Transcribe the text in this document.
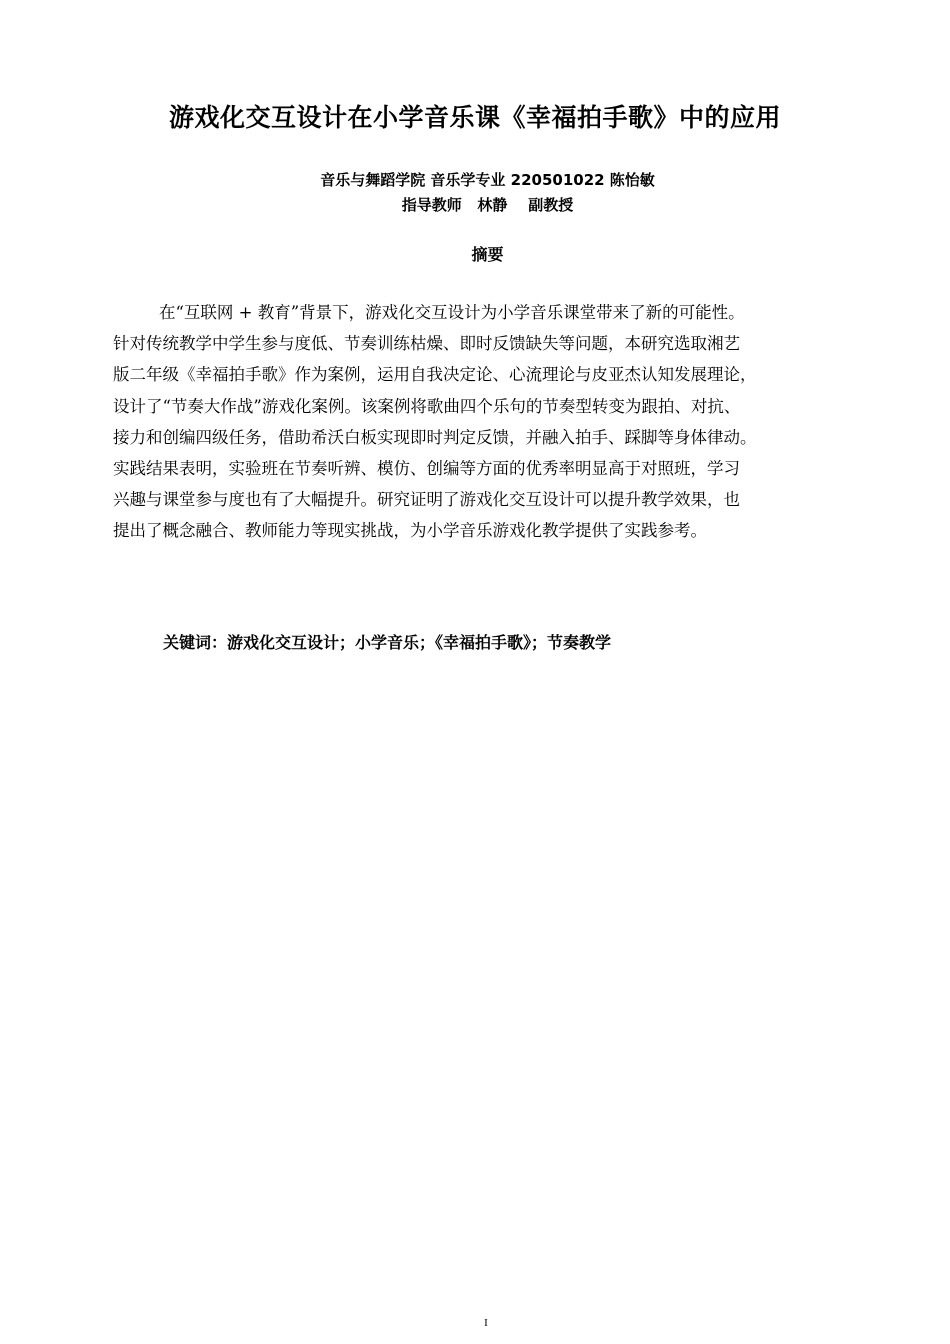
游戏化交互设计在小学音乐课《幸福拍手歌》中的应用
音乐与舞蹈学院 音乐学专业 220501022 陈怡敏
指导教师   林静    副教授
摘要
在“互联网 + 教育”背景下，游戏化交互设计为小学音乐课堂带来了新的可能性。
针对传统教学中学生参与度低、节奏训练枯燥、即时反馈缺失等问题，本研究选取湘艺
版二年级《幸福拍手歌》作为案例，运用自我决定论、心流理论与皮亚杰认知发展理论，
设计了“节奏大作战”游戏化案例。该案例将歌曲四个乐句的节奏型转变为跟拍、对抗、
接力和创编四级任务，借助希沃白板实现即时判定反馈，并融入拍手、踩脚等身体律动。
实践结果表明，实验班在节奏听辨、模仿、创编等方面的优秀率明显高于对照班，学习
兴趣与课堂参与度也有了大幅提升。研究证明了游戏化交互设计可以提升教学效果，也
提出了概念融合、教师能力等现实挑战，为小学音乐游戏化教学提供了实践参考。
关键词：游戏化交互设计；小学音乐；《幸福拍手歌》；节奏教学
I
